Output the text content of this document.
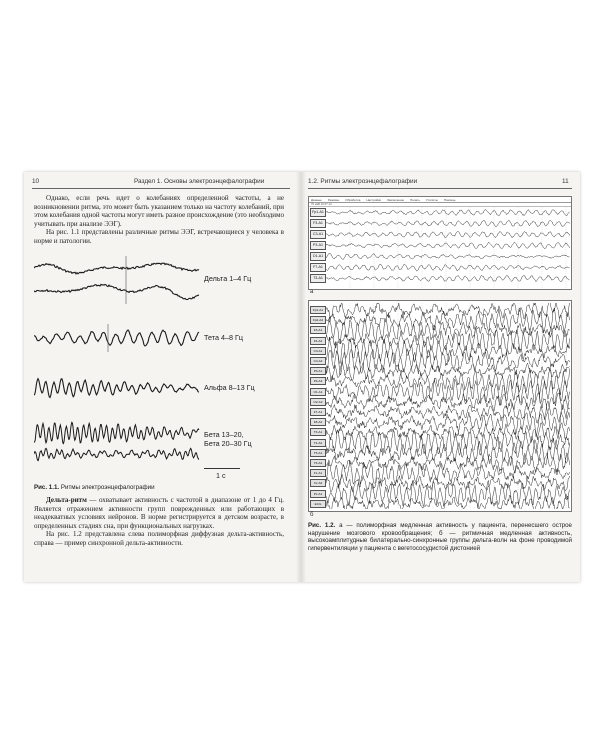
10	Раздел 1. Основы электроэнцефалографии

Однако, если речь идет о колебаниях определенной частоты, а не возникновении ритма, это может быть указанием только на частоту колебаний, при этом колебания одной частоты могут иметь разное происхождение (это необходимо учитывать при анализе ЭЭГ).

На рис. 1.1 представлены различные ритмы ЭЭГ, встречающиеся у человека в норме и патологии.

Дельта 1–4 Гц
Тета 4–8 Гц
Альфа 8–13 Гц
Бета 13–20,
Бета 20–30 Гц
1 с
Рис. 1.1. Ритмы электроэнцефалографии

Дельта-ритм — охватывает активность с частотой в диапазоне от 1 до 4 Гц. Является отражением активности групп поврежденных или работающих в неадекватных условиях нейронов. В норме регистрируется в детском возрасте, в определенных стадиях сна, при функциональных нагрузках.

На рис. 1.2 представлена слева полиморфная диффузная дельта-активность, справа — пример синхронной дельта-активности.

1.2. Ритмы электроэнцефалографии	11
Данные Режимы Обработка Настройки Заключение Печать Утилиты Помощь
76 мкВ 10.07.14
Fp1-A1
F3-A1
C3-A1
P3-A1
O1-A1
F7-A1
T3-A1
а
Fp1-A1
Fp2-A2
F3-A1
F4-A2
C3-A1
C4-A2
P3-A1
P4-A2
O1-A1
O2-A2
F7-A1
F8-A2
T3-A1
T4-A2
T5-A1
T6-A2
Fz-A1
Cz-A2
Pz-A1
ECG
б
Рис. 1.2. а — полиморфная медленная активность у пациента, перенесшего острое нарушение мозгового кровообращения; б — ритмичная медленная активность, высокоамплитудные билатерально-синхронные группы дельта-волн на фоне проводимой гипервентиляции у пациента с вегетососудистой дистонией
